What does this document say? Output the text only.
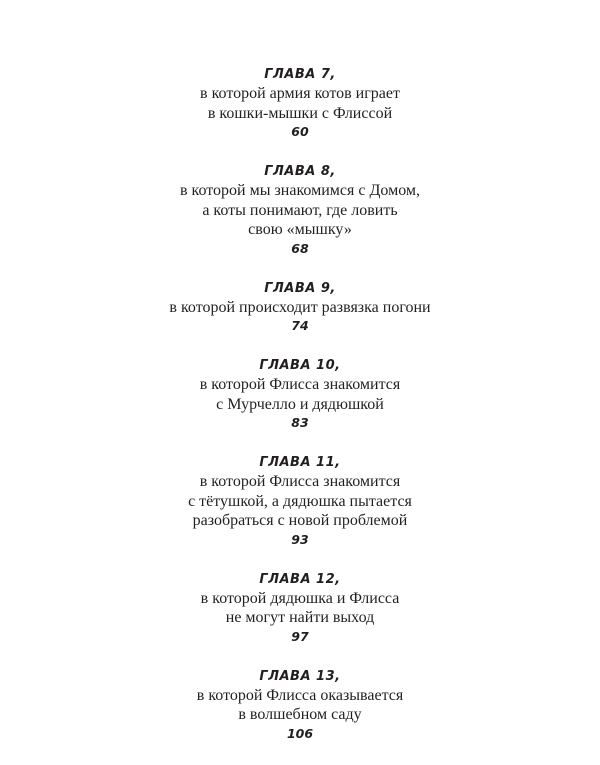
ГЛАВА 7,
в которой армия котов играет
в кошки-мышки с Флиссой
60
ГЛАВА 8,
в которой мы знакомимся с Домом,
а коты понимают, где ловить
свою «мышку»
68
ГЛАВА 9,
в которой происходит развязка погони
74
ГЛАВА 10,
в которой Флисса знакомится
с Мурчелло и дядюшкой
83
ГЛАВА 11,
в которой Флисса знакомится
с тётушкой, а дядюшка пытается
разобраться с новой проблемой
93
ГЛАВА 12,
в которой дядюшка и Флисса
не могут найти выход
97
ГЛАВА 13,
в которой Флисса оказывается
в волшебном саду
106
